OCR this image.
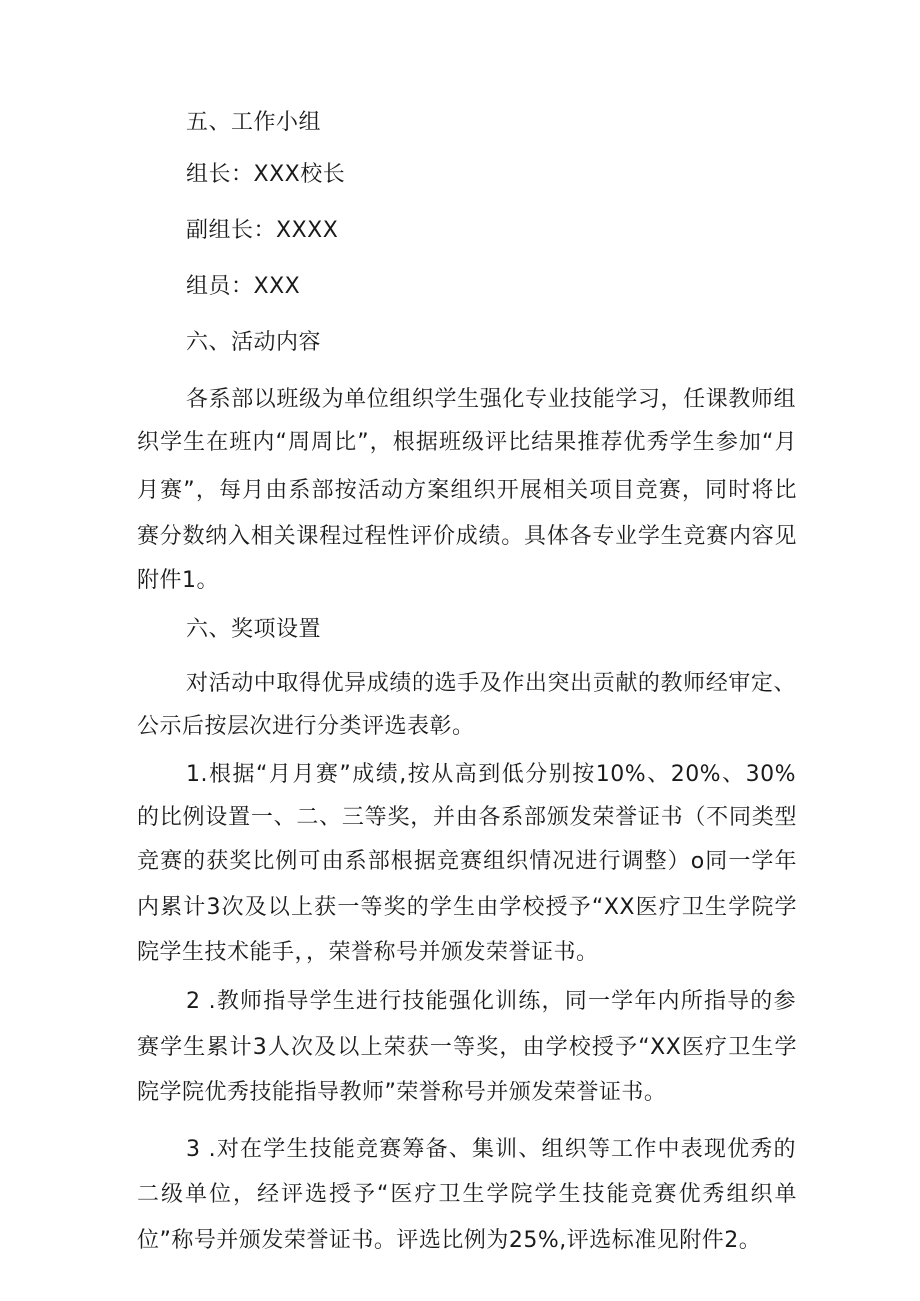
五、工作小组
组长：XXX校长
副组长：XXXX
组员：XXX
六、活动内容
各系部以班级为单位组织学生强化专业技能学习，任课教师组
织学生在班内“周周比”，根据班级评比结果推荐优秀学生参加“月
月赛”，每月由系部按活动方案组织开展相关项目竞赛，同时将比
赛分数纳入相关课程过程性评价成绩。具体各专业学生竞赛内容见
附件1。
六、奖项设置
对活动中取得优异成绩的选手及作出突出贡献的教师经审定、
公示后按层次进行分类评选表彰。
1.根据“月月赛”成绩,按从高到低分别按10%、20%、30%
的比例设置一、二、三等奖，并由各系部颁发荣誉证书（不同类型
竞赛的获奖比例可由系部根据竞赛组织情况进行调整）o同一学年
内累计3次及以上获一等奖的学生由学校授予“XX医疗卫生学院学
院学生技术能手，，荣誉称号并颁发荣誉证书。
2 .教师指导学生进行技能强化训练，同一学年内所指导的参
赛学生累计3人次及以上荣获一等奖，由学校授予“XX医疗卫生学
院学院优秀技能指导教师”荣誉称号并颁发荣誉证书。
3 .对在学生技能竞赛筹备、集训、组织等工作中表现优秀的
二级单位，经评选授予“医疗卫生学院学生技能竞赛优秀组织单
位”称号并颁发荣誉证书。评选比例为25%,评选标准见附件2。
